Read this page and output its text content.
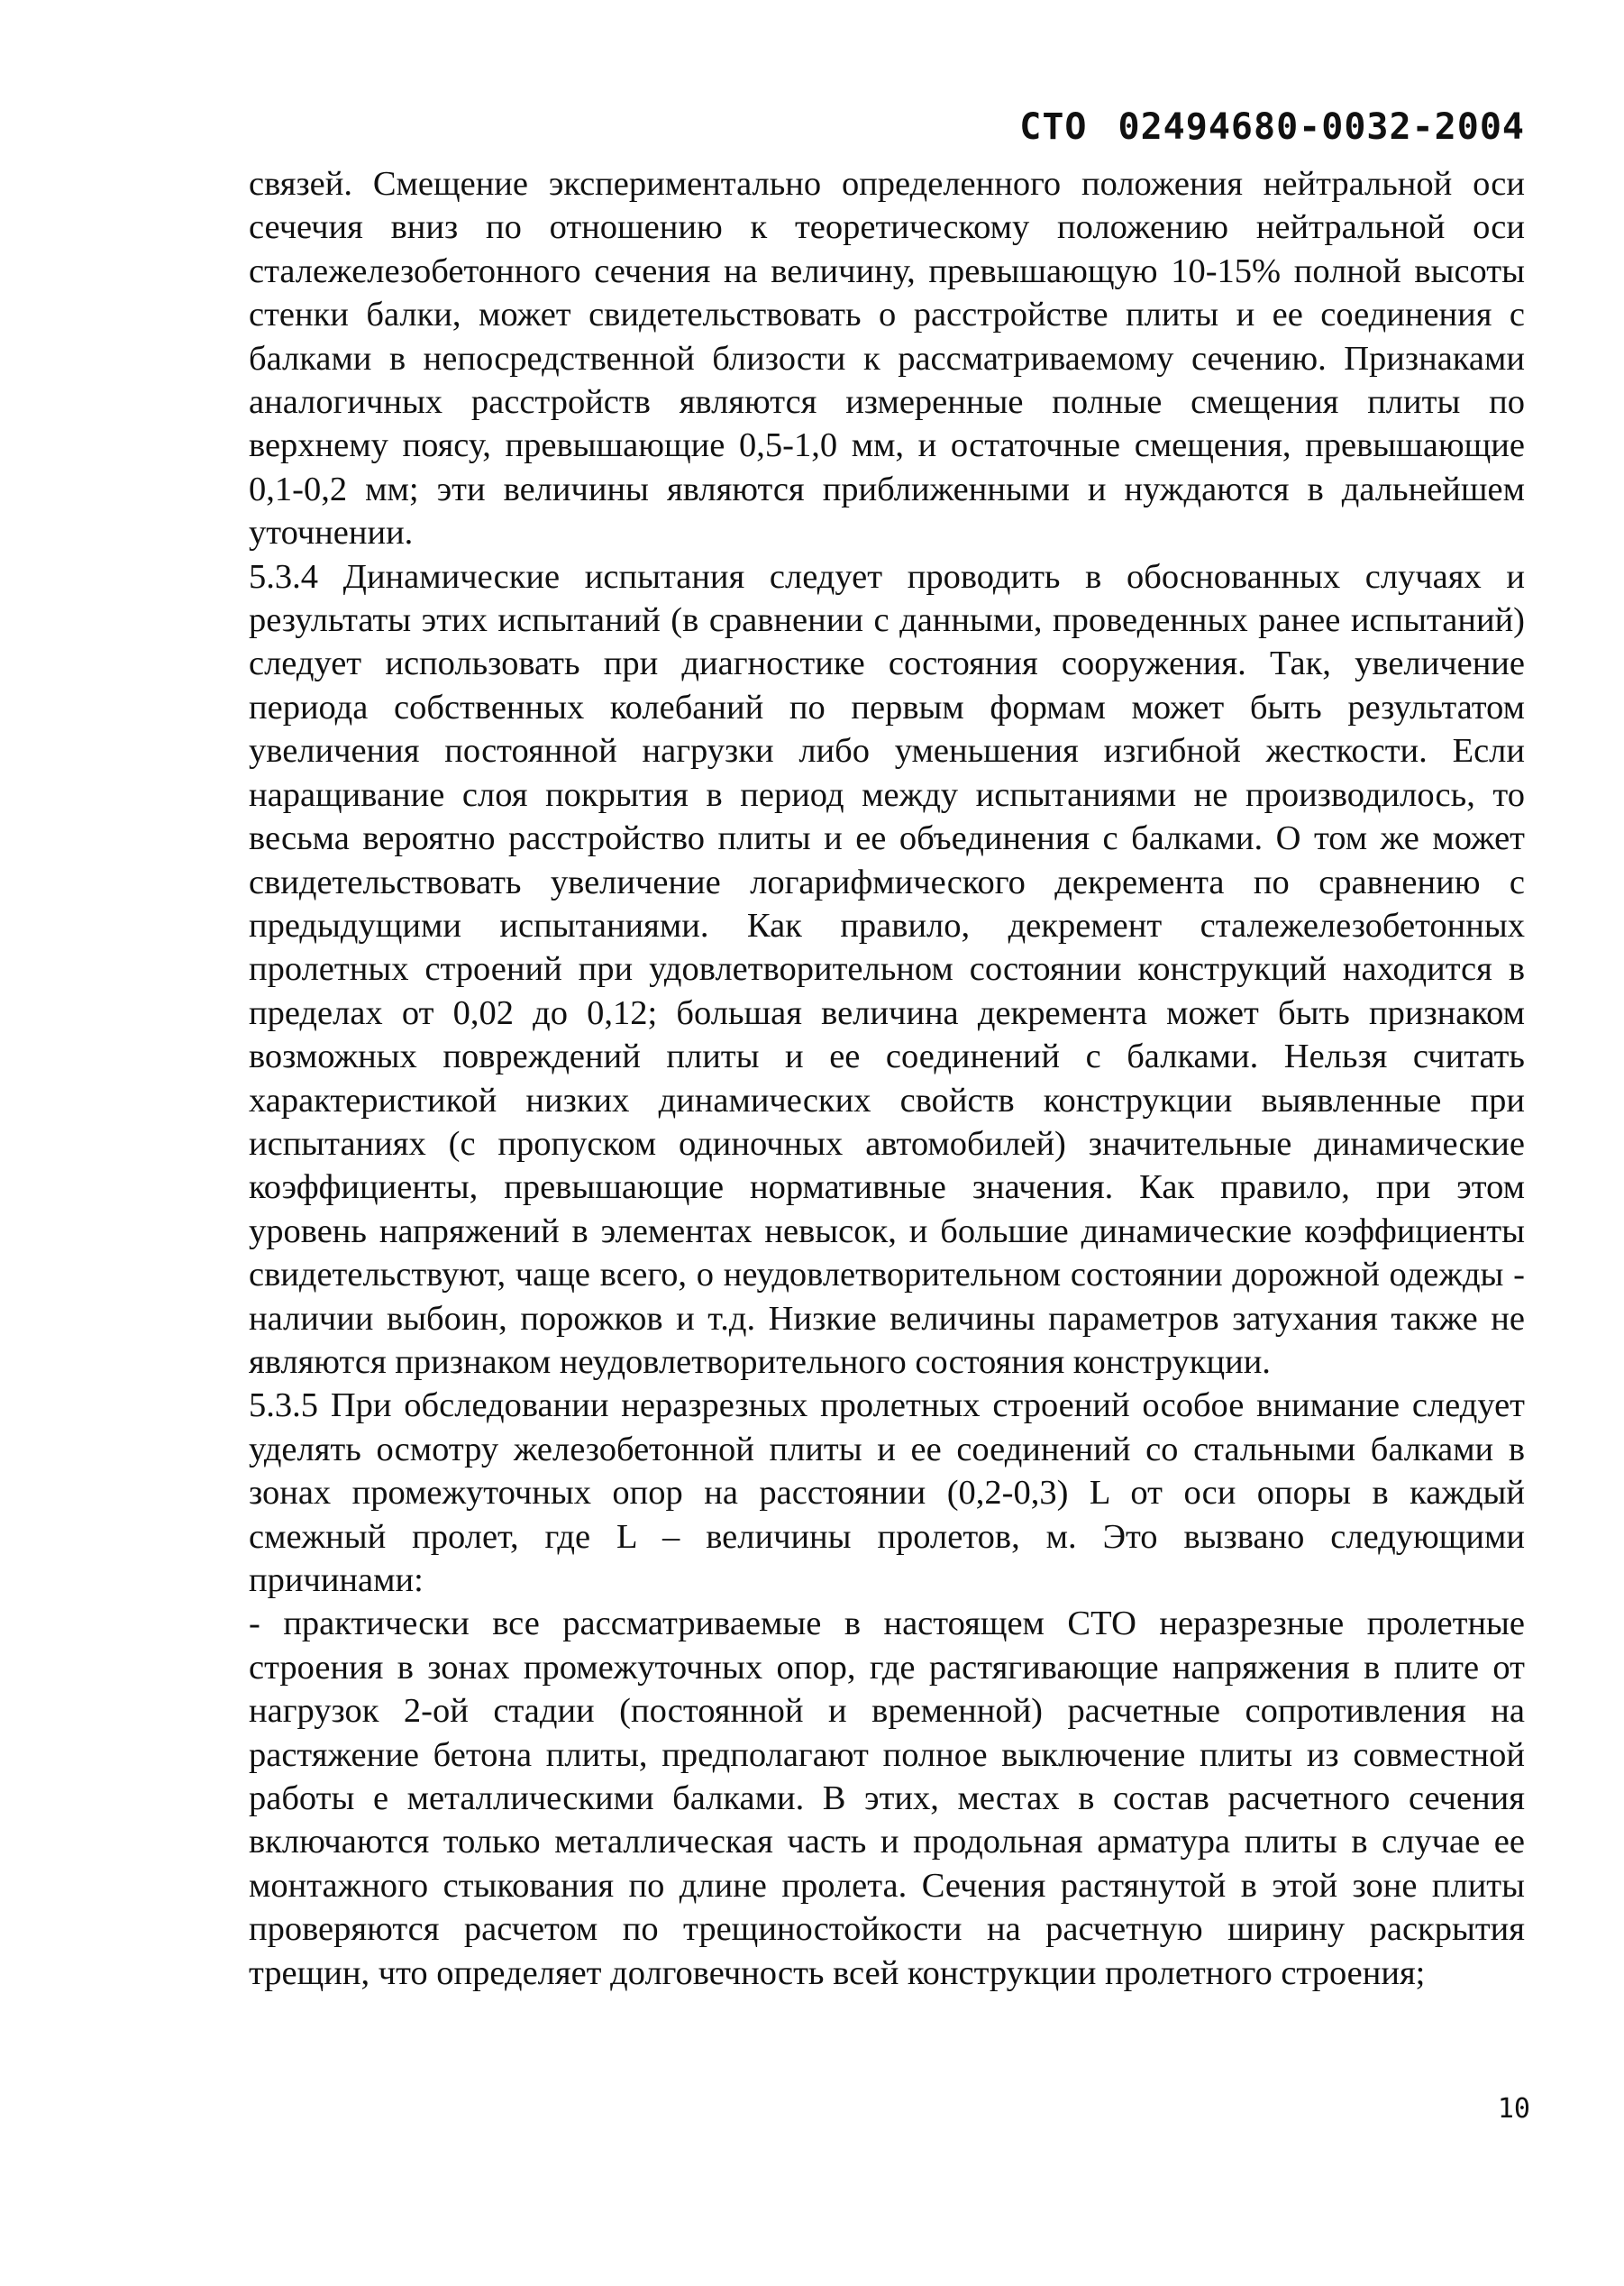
СТО 02494680-0032-2004

связей. Смещение экспериментально определенного положения нейтральной оси сечечия вниз по отношению к теоретическому положению нейтральной оси сталежелезобетонного сечения на величину, превышающую 10-15% полной высоты стенки балки, может свидетельствовать о расстройстве плиты и ее соединения с балками в непосредственной близости к рассматриваемому сечению. Признаками аналогичных расстройств являются измеренные полные смещения плиты по верхнему поясу, превышающие 0,5-1,0 мм, и остаточные смещения, превышающие 0,1-0,2 мм; эти величины являются приближенными и нуждаются в дальнейшем уточнении.

5.3.4 Динамические испытания следует проводить в обоснованных случаях и результаты этих испытаний (в сравнении с данными, проведенных ранее испытаний) следует использовать при диагностике состояния сооружения. Так, увеличение периода собственных колебаний по первым формам может быть результатом увеличения постоянной нагрузки либо уменьшения изгибной жесткости. Если наращивание слоя покрытия в период между испытаниями не производилось, то весьма вероятно расстройство плиты и ее объединения с балками. О том же может свидетельствовать увеличение логарифмического декремента по сравнению с предыдущими испытаниями. Как правило, декремент сталежелезобетонных пролетных строений при удовлетворительном состоянии конструкций находится в пределах от 0,02 до 0,12; большая величина декремента может быть признаком возможных повреждений плиты и ее соединений с балками. Нельзя считать характеристикой низких динамических свойств конструкции выявленные при испытаниях (с пропуском одиночных автомобилей) значительные динамические коэффициенты, превышающие нормативные значения. Как правило, при этом уровень напряжений в элементах невысок, и большие динамические коэффициенты свидетельствуют, чаще всего, о неудовлетворительном состоянии дорожной одежды - наличии выбоин, порожков и т.д. Низкие величины параметров затухания также не являются признаком неудовлетворительного состояния конструкции.

5.3.5 При обследовании неразрезных пролетных строений особое внимание следует уделять осмотру железобетонной плиты и ее соединений со стальными балками в зонах промежуточных опор на расстоянии (0,2-0,3) L от оси опоры в каждый смежный пролет, где L – величины пролетов, м. Это вызвано следующими причинами:

- практически все рассматриваемые в настоящем СТО неразрезные пролетные строения в зонах промежуточных опор, где растягивающие напряжения в плите от нагрузок 2-ой стадии (постоянной и временной) расчетные сопротивления на растяжение бетона плиты, предполагают полное выключение плиты из совместной работы е металлическими балками. В этих, местах в состав расчетного сечения включаются только металлическая часть и продольная арматура плиты в случае ее монтажного стыкования по длине пролета. Сечения растянутой в этой зоне плиты проверяются расчетом по трещиностойкости на расчетную ширину раскрытия трещин, что определяет долговечность всей конструкции пролетного строения;

10
